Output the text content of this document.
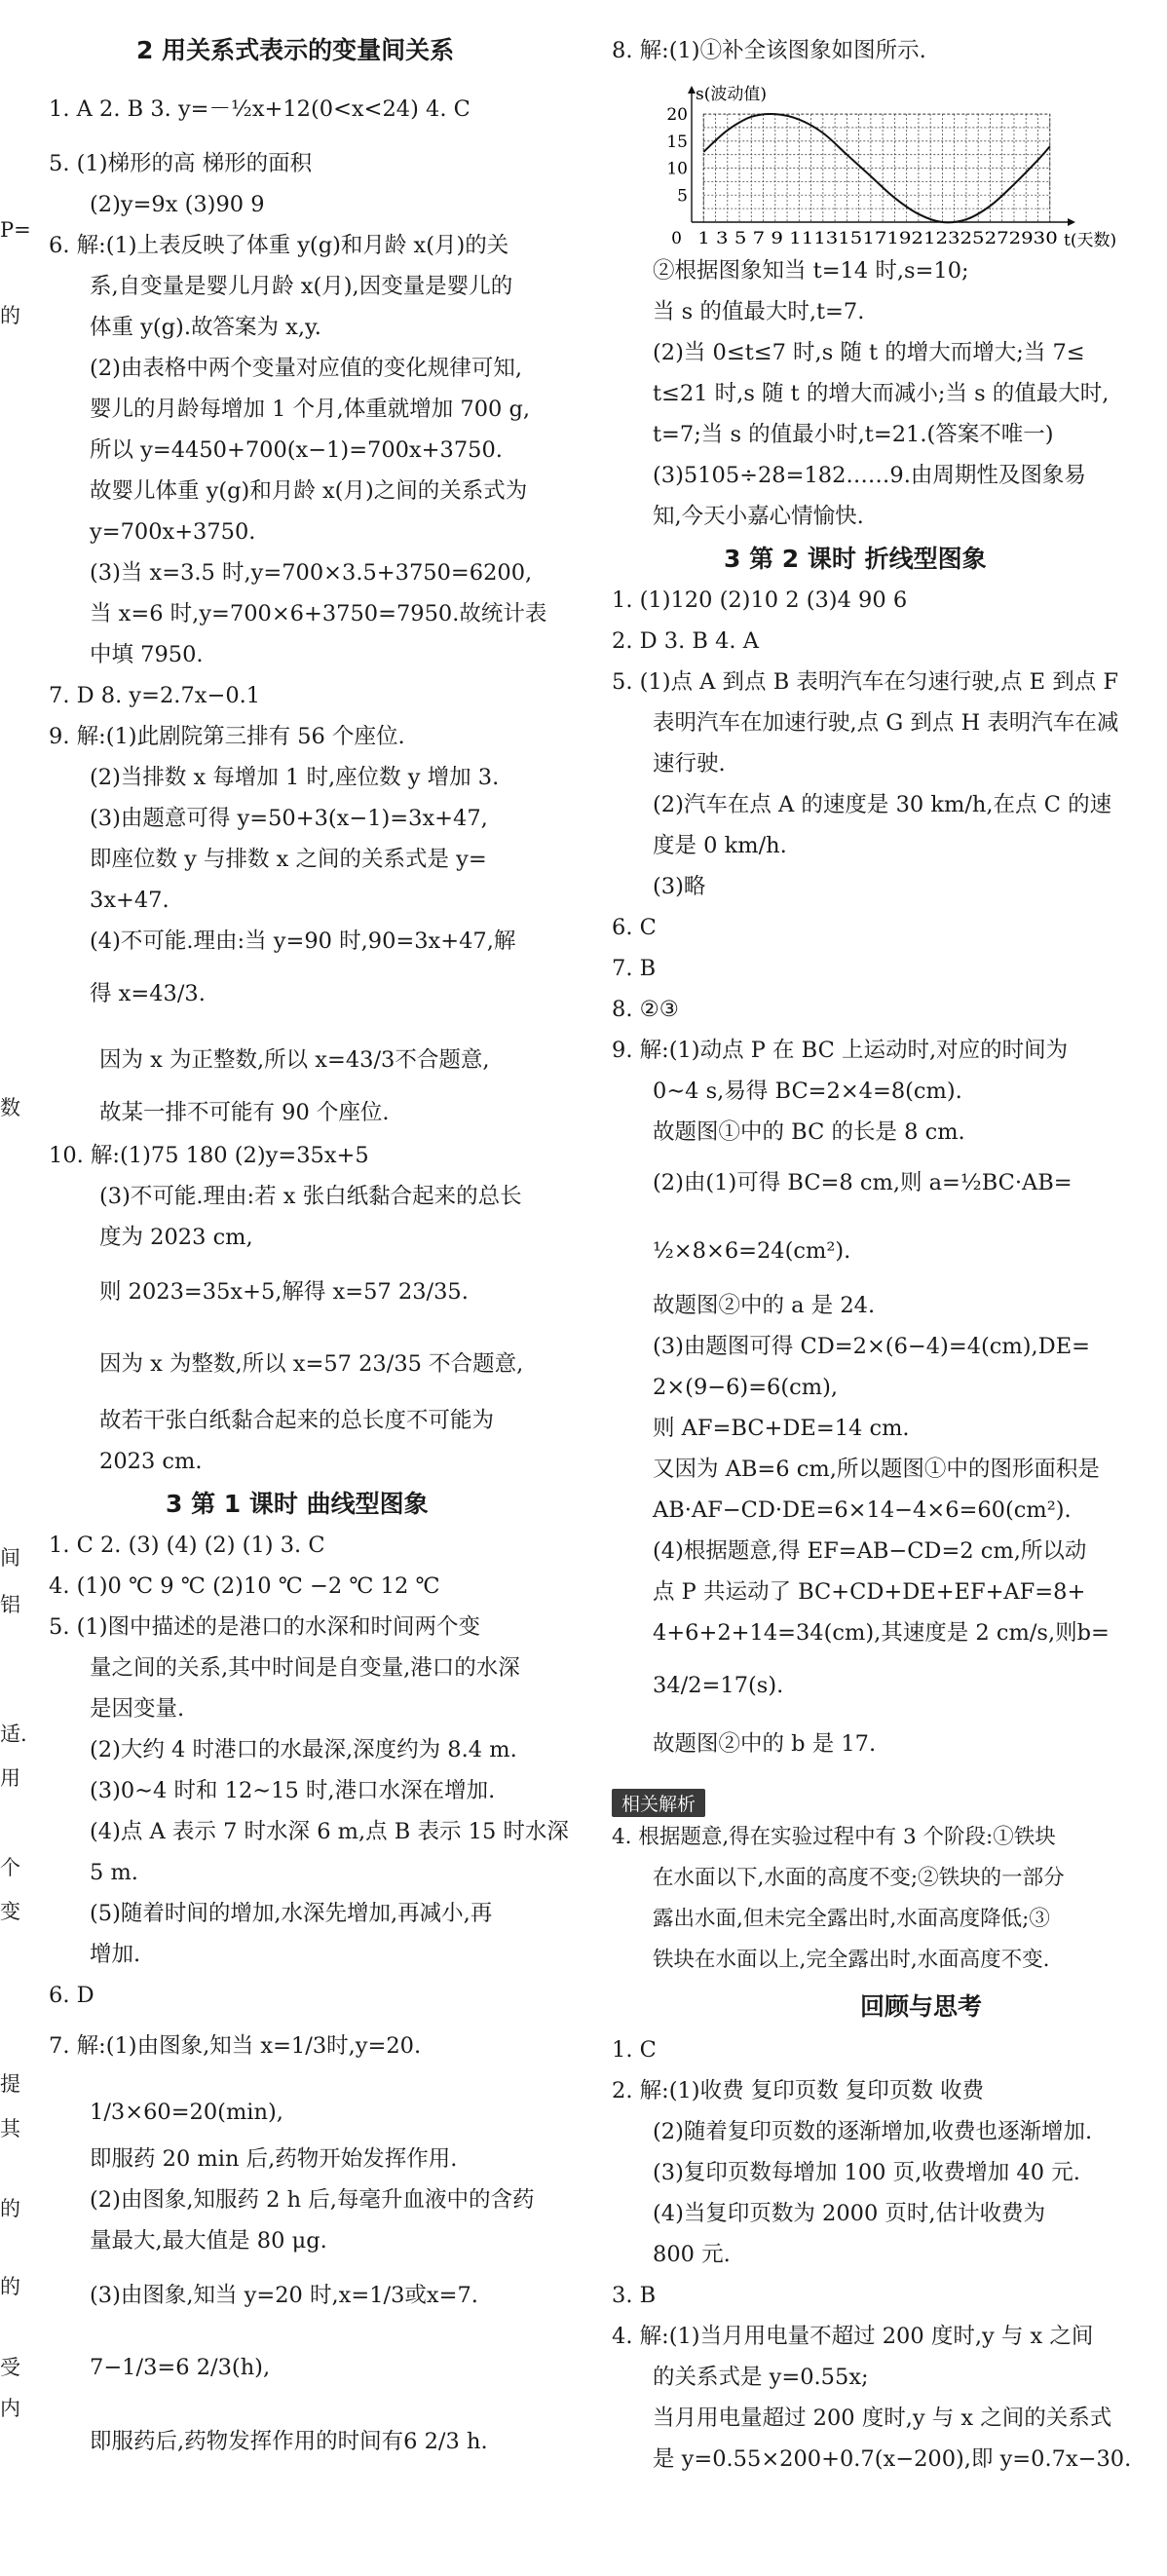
2 用关系式表示的变量间关系
1. A 2. B 3. y=－½x+12(0<x<24) 4. C
5. (1)梯形的高 梯形的面积
(2)y=9x (3)90 9
6. 解:(1)上表反映了体重 y(g)和月龄 x(月)的关
系,自变量是婴儿月龄 x(月),因变量是婴儿的
体重 y(g).故答案为 x,y.
(2)由表格中两个变量对应值的变化规律可知,
婴儿的月龄每增加 1 个月,体重就增加 700 g,
所以 y=4450+700(x−1)=700x+3750.
故婴儿体重 y(g)和月龄 x(月)之间的关系式为
y=700x+3750.
(3)当 x=3.5 时,y=700×3.5+3750=6200,
当 x=6 时,y=700×6+3750=7950.故统计表
中填 7950.
7. D 8. y=2.7x−0.1
9. 解:(1)此剧院第三排有 56 个座位.
(2)当排数 x 每增加 1 时,座位数 y 增加 3.
(3)由题意可得 y=50+3(x−1)=3x+47,
即座位数 y 与排数 x 之间的关系式是 y=
3x+47.
(4)不可能.理由:当 y=90 时,90=3x+47,解
得 x=43/3.
因为 x 为正整数,所以 x=43/3不合题意,
故某一排不可能有 90 个座位.
10. 解:(1)75 180 (2)y=35x+5
(3)不可能.理由:若 x 张白纸黏合起来的总长
度为 2023 cm,
则 2023=35x+5,解得 x=57 23/35.
因为 x 为整数,所以 x=57 23/35 不合题意,
故若干张白纸黏合起来的总长度不可能为
2023 cm.
3 第 1 课时 曲线型图象
1. C 2. (3) (4) (2) (1) 3. C
4. (1)0 ℃ 9 ℃ (2)10 ℃ −2 ℃ 12 ℃
5. (1)图中描述的是港口的水深和时间两个变
量之间的关系,其中时间是自变量,港口的水深
是因变量.
(2)大约 4 时港口的水最深,深度约为 8.4 m.
(3)0∼4 时和 12∼15 时,港口水深在增加.
(4)点 A 表示 7 时水深 6 m,点 B 表示 15 时水深
5 m.
(5)随着时间的增加,水深先增加,再减小,再
增加.
6. D
7. 解:(1)由图象,知当 x=1/3时,y=20.
1/3×60=20(min),
即服药 20 min 后,药物开始发挥作用.
(2)由图象,知服药 2 h 后,每毫升血液中的含药
量最大,最大值是 80 μg.
(3)由图象,知当 y=20 时,x=1/3或x=7.
7−1/3=6 2/3(h),
即服药后,药物发挥作用的时间有6 2/3 h.
5
10
15
20
0 1 3 5 7 9 1113151719212325272930 t(天数)
s(波动值)
相关解析
8. 解:(1)①补全该图象如图所示.
②根据图象知当 t=14 时,s=10;
当 s 的值最大时,t=7.
(2)当 0≤t≤7 时,s 随 t 的增大而增大;当 7≤
t≤21 时,s 随 t 的增大而减小;当 s 的值最大时,
t=7;当 s 的值最小时,t=21.(答案不唯一)
(3)5105÷28=182……9.由周期性及图象易
知,今天小嘉心情愉快.
3 第 2 课时 折线型图象
1. (1)120 (2)10 2 (3)4 90 6
2. D 3. B 4. A
5. (1)点 A 到点 B 表明汽车在匀速行驶,点 E 到点 F
表明汽车在加速行驶,点 G 到点 H 表明汽车在减
速行驶.
(2)汽车在点 A 的速度是 30 km/h,在点 C 的速
度是 0 km/h.
(3)略
6. C
7. B
8. ②③
9. 解:(1)动点 P 在 BC 上运动时,对应的时间为
0∼4 s,易得 BC=2×4=8(cm).
故题图①中的 BC 的长是 8 cm.
(2)由(1)可得 BC=8 cm,则 a=½BC·AB=
½×8×6=24(cm²).
故题图②中的 a 是 24.
(3)由题图可得 CD=2×(6−4)=4(cm),DE=
2×(9−6)=6(cm),
则 AF=BC+DE=14 cm.
又因为 AB=6 cm,所以题图①中的图形面积是
AB·AF−CD·DE=6×14−4×6=60(cm²).
(4)根据题意,得 EF=AB−CD=2 cm,所以动
点 P 共运动了 BC+CD+DE+EF+AF=8+
4+6+2+14=34(cm),其速度是 2 cm/s,则b=
34/2=17(s).
故题图②中的 b 是 17.
4. 根据题意,得在实验过程中有 3 个阶段:①铁块
在水面以下,水面的高度不变;②铁块的一部分
露出水面,但未完全露出时,水面高度降低;③
铁块在水面以上,完全露出时,水面高度不变.
回顾与思考
1. C
2. 解:(1)收费 复印页数 复印页数 收费
(2)随着复印页数的逐渐增加,收费也逐渐增加.
(3)复印页数每增加 100 页,收费增加 40 元.
(4)当复印页数为 2000 页时,估计收费为
800 元.
3. B
4. 解:(1)当月用电量不超过 200 度时,y 与 x 之间
的关系式是 y=0.55x;
当月用电量超过 200 度时,y 与 x 之间的关系式
是 y=0.55×200+0.7(x−200),即 y=0.7x−30.
P=
的
数
间
铝
适.
用
个
变
提
其
的
的
受
内
